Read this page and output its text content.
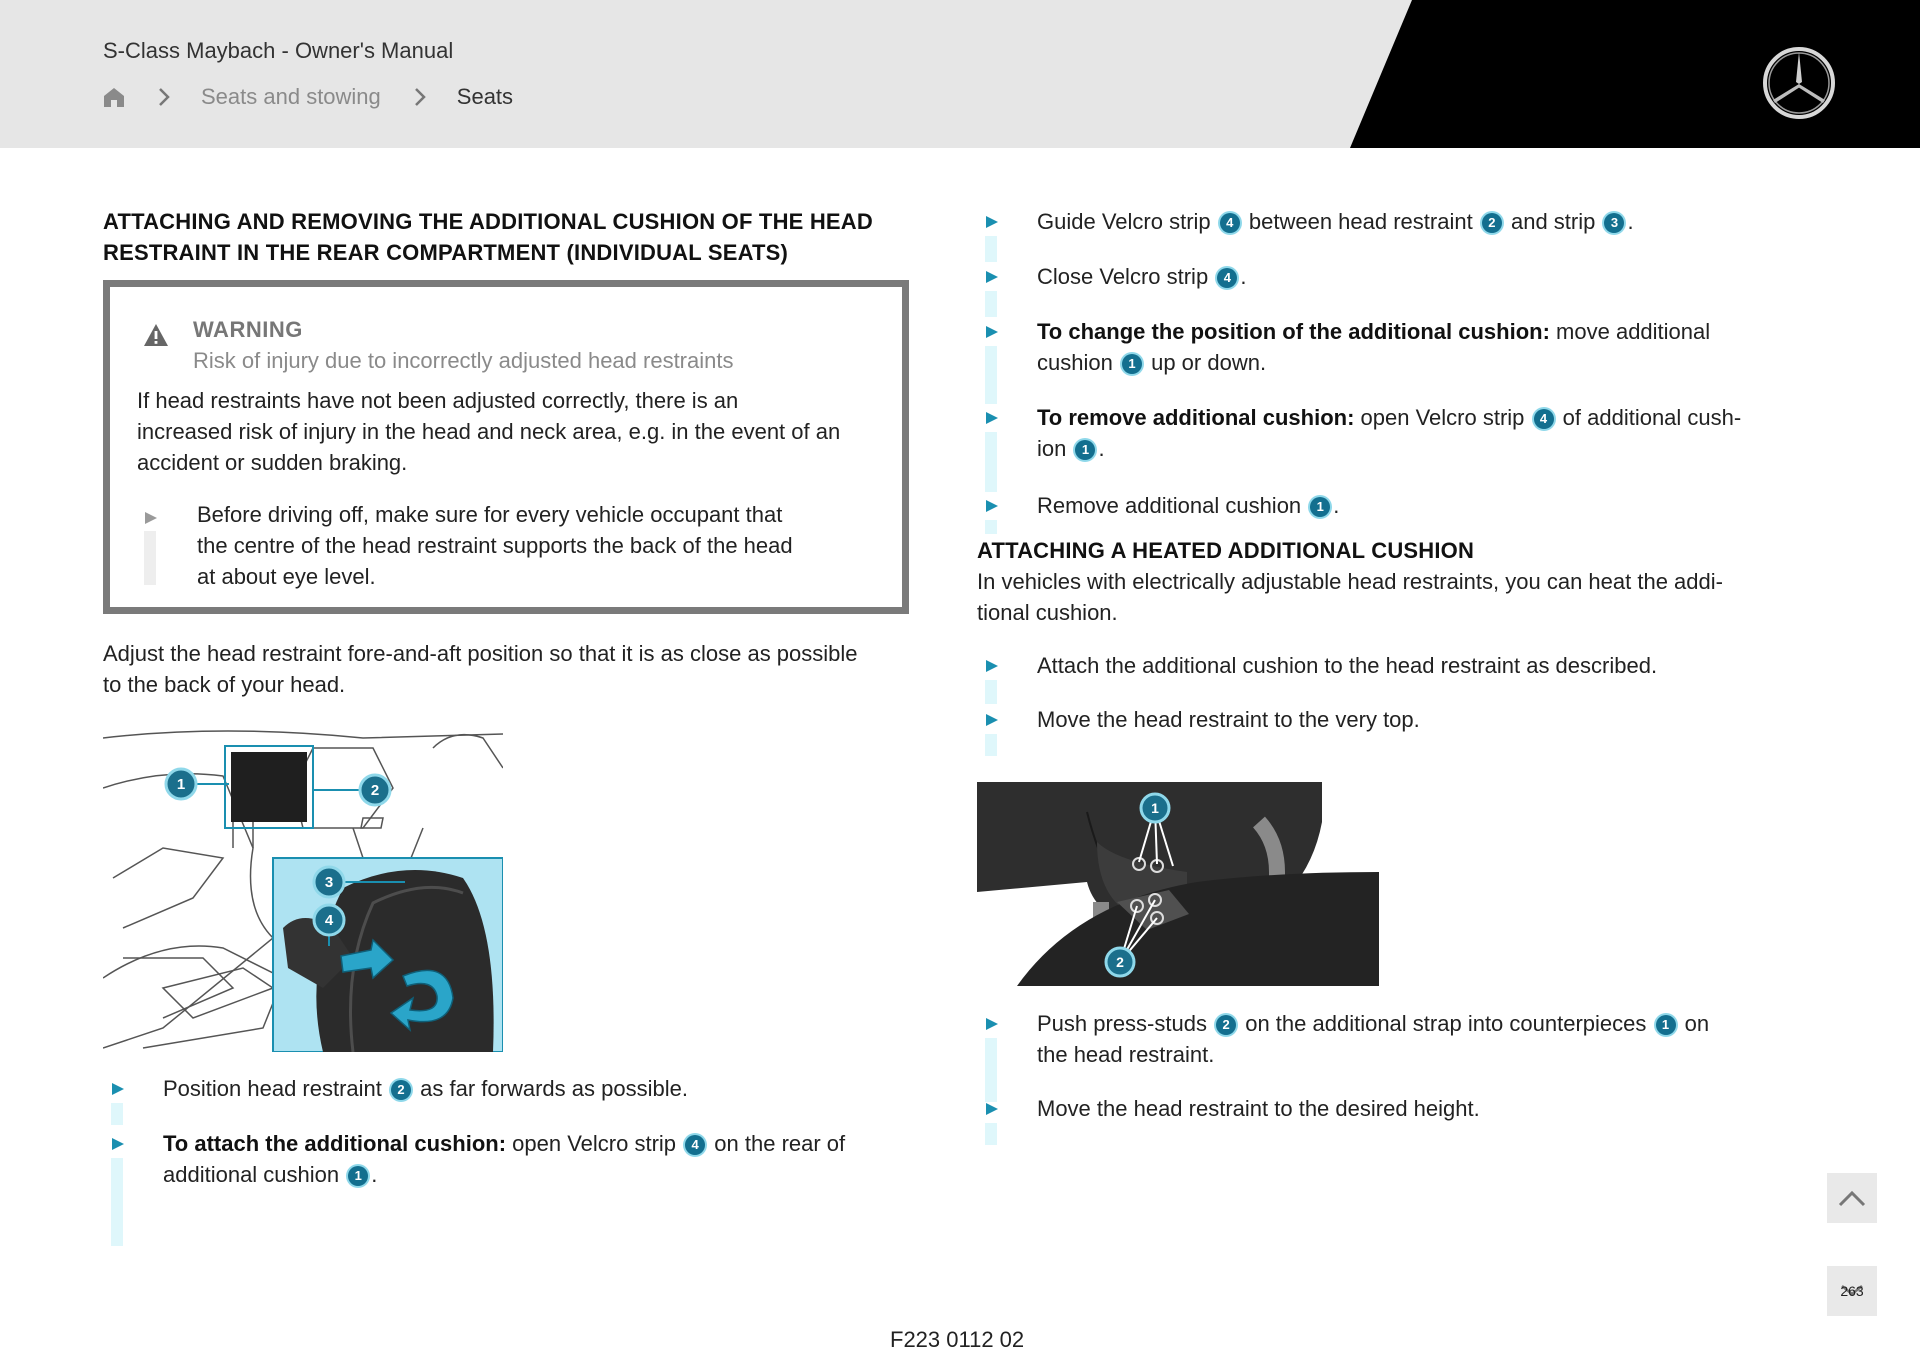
S-Class Maybach - Owner's Manual
Seats and stowing	Seats
ATTACHING AND REMOVING THE ADDITIONAL CUSHION OF THE HEAD
RESTRAINT IN THE REAR COMPARTMENT (INDIVIDUAL SEATS)
WARNING
Risk of injury due to incorrectly adjusted head restraints
If head restraints have not been adjusted correctly, there is an
increased risk of injury in the head and neck area, e.g. in the event of an
accident or sudden braking.
Before driving off, make sure for every vehicle occupant that
the centre of the head restraint supports the back of the head
at about eye level.
Adjust the head restraint fore-and-aft position so that it is as close as possible
to the back of your head.
1	2
3
4
Position head restraint 2 as far forwards as possible.
To attach the additional cushion: open Velcro strip 4 on the rear of
additional cushion 1 .
Guide Velcro strip 4 between head restraint 2 and strip 3 .
Close Velcro strip 4 .
To change the position of the additional cushion: move additional
cushion 1 up or down.
To remove additional cushion: open Velcro strip 4 of additional cush-
ion 1 .
Remove additional cushion 1 .
ATTACHING A HEATED ADDITIONAL CUSHION
In vehicles with electrically adjustable head restraints, you can heat the addi-
tional cushion.
Attach the additional cushion to the head restraint as described.
Move the head restraint to the very top.
1
2
Push press-studs 2 on the additional strap into counterpieces 1 on
the head restraint.
Move the head restraint to the desired height.
F223 0112 02
263
